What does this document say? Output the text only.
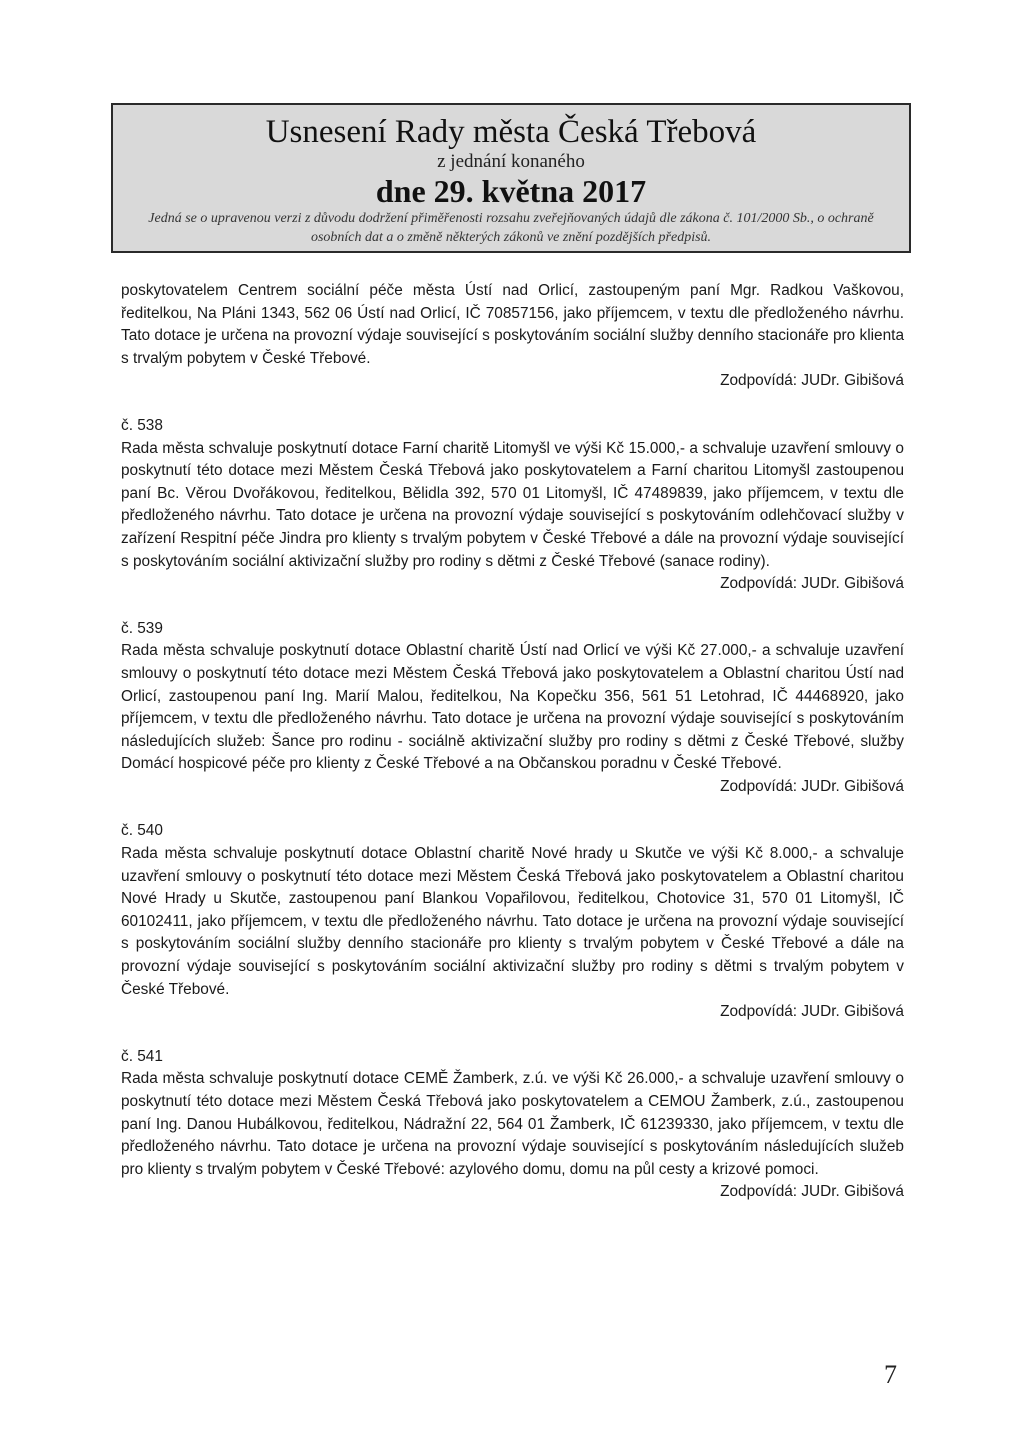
Usnesení Rady města Česká Třebová
z jednání konaného
dne 29. května 2017
Jedná se o upravenou verzi z důvodu dodržení přiměřenosti rozsahu zveřejňovaných údajů dle zákona č. 101/2000 Sb., o ochraně osobních dat a o změně některých zákonů ve znění pozdějších předpisů.

poskytovatelem Centrem sociální péče města Ústí nad Orlicí, zastoupeným paní Mgr. Radkou Vaškovou, ředitelkou, Na Pláni 1343, 562 06 Ústí nad Orlicí, IČ 70857156, jako příjemcem, v textu dle předloženého návrhu. Tato dotace je určena na provozní výdaje související s poskytováním sociální služby denního stacionáře pro klienta s trvalým pobytem v České Třebové.

Zodpovídá: JUDr. Gibišová

č. 538

Rada města schvaluje poskytnutí dotace Farní charitě Litomyšl ve výši Kč 15.000,- a schvaluje uzavření smlouvy o poskytnutí této dotace mezi Městem Česká Třebová jako poskytovatelem a Farní charitou Litomyšl zastoupenou paní Bc. Věrou Dvořákovou, ředitelkou, Bělidla 392, 570 01 Litomyšl, IČ 47489839, jako příjemcem, v textu dle předloženého návrhu. Tato dotace je určena na provozní výdaje související s poskytováním odlehčovací služby v zařízení Respitní péče Jindra pro klienty s trvalým pobytem v České Třebové a dále na provozní výdaje související s poskytováním sociální aktivizační služby pro rodiny s dětmi z České Třebové (sanace rodiny).

Zodpovídá: JUDr. Gibišová

č. 539

Rada města schvaluje poskytnutí dotace Oblastní charitě Ústí nad Orlicí ve výši Kč 27.000,- a schvaluje uzavření smlouvy o poskytnutí této dotace mezi Městem Česká Třebová jako poskytovatelem a Oblastní charitou Ústí nad Orlicí, zastoupenou paní Ing. Marií Malou, ředitelkou, Na Kopečku 356, 561 51 Letohrad, IČ 44468920, jako příjemcem, v textu dle předloženého návrhu. Tato dotace je určena na provozní výdaje související s poskytováním následujících služeb: Šance pro rodinu - sociálně aktivizační služby pro rodiny s dětmi z České Třebové, služby Domácí hospicové péče pro klienty z České Třebové a na Občanskou poradnu v České Třebové.

Zodpovídá: JUDr. Gibišová

č. 540

Rada města schvaluje poskytnutí dotace Oblastní charitě Nové hrady u Skutče ve výši Kč 8.000,- a schvaluje uzavření smlouvy o poskytnutí této dotace mezi Městem Česká Třebová jako poskytovatelem a Oblastní charitou Nové Hrady u Skutče, zastoupenou paní Blankou Vopařilovou, ředitelkou, Chotovice 31, 570 01 Litomyšl, IČ 60102411, jako příjemcem, v textu dle předloženého návrhu. Tato dotace je určena na provozní výdaje související s poskytováním sociální služby denního stacionáře pro klienty s trvalým pobytem v České Třebové a dále na provozní výdaje související s poskytováním sociální aktivizační služby pro rodiny s dětmi s trvalým pobytem v České Třebové.

Zodpovídá: JUDr. Gibišová

č. 541

Rada města schvaluje poskytnutí dotace CEMĚ Žamberk, z.ú. ve výši Kč 26.000,- a schvaluje uzavření smlouvy o poskytnutí této dotace mezi Městem Česká Třebová jako poskytovatelem a CEMOU Žamberk, z.ú., zastoupenou paní Ing. Danou Hubálkovou, ředitelkou, Nádražní 22, 564 01 Žamberk, IČ 61239330, jako příjemcem, v textu dle předloženého návrhu. Tato dotace je určena na provozní výdaje související s poskytováním následujících služeb pro klienty s trvalým pobytem v České Třebové: azylového domu, domu na půl cesty a krizové pomoci.

Zodpovídá: JUDr. Gibišová

7
